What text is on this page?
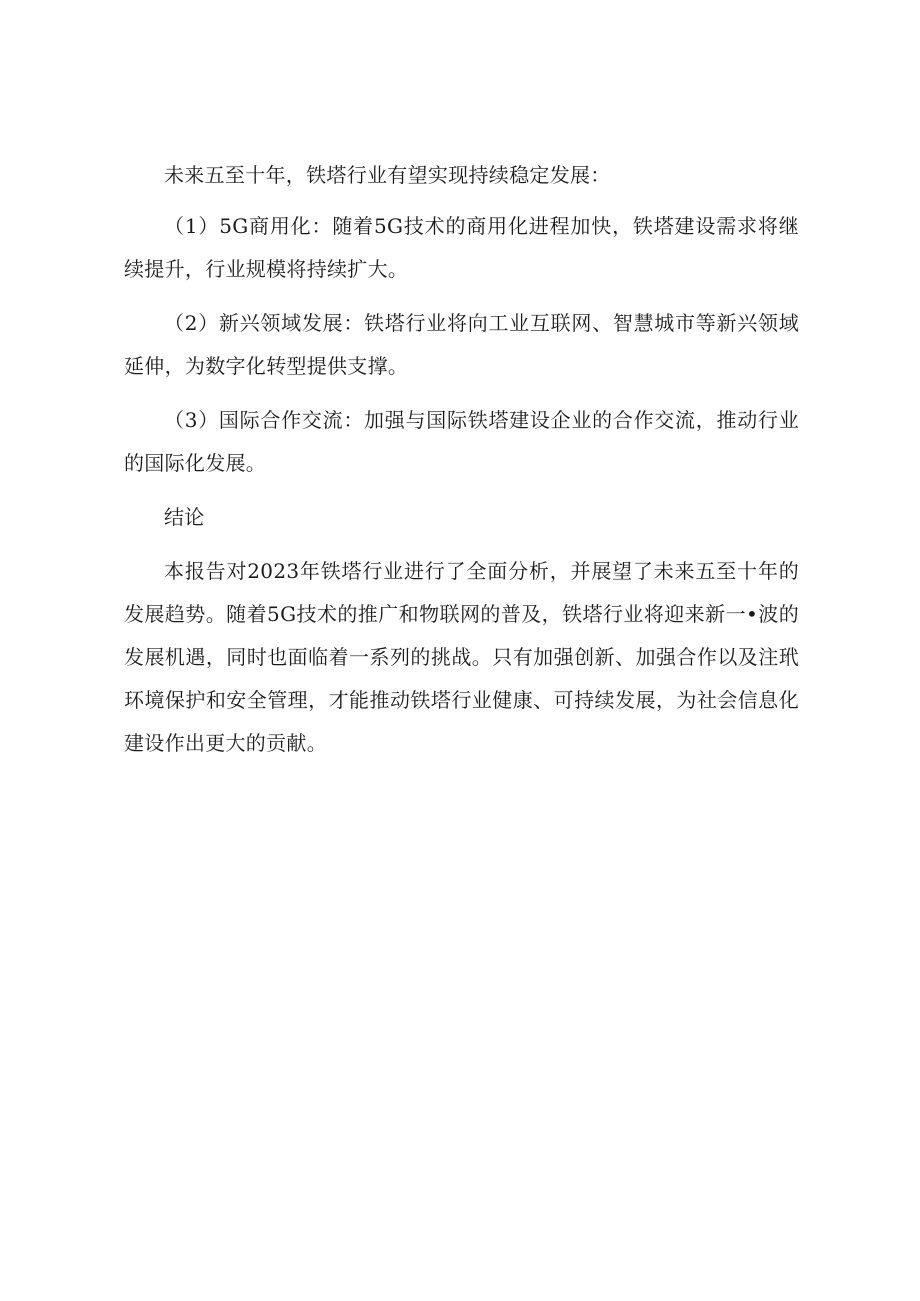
未来五至十年，铁塔行业有望实现持续稳定发展：

（1）5G商用化：随着5G技术的商用化进程加快，铁塔建设需求将继续提升，行业规模将持续扩大。

（2）新兴领域发展：铁塔行业将向工业互联网、智慧城市等新兴领域延伸，为数字化转型提供支撑。

（3）国际合作交流：加强与国际铁塔建设企业的合作交流，推动行业的国际化发展。

结论

本报告对2023年铁塔行业进行了全面分析，并展望了未来五至十年的发展趋势。随着5G技术的推广和物联网的普及，铁塔行业将迎来新一•波的发展机遇，同时也面临着一系列的挑战。只有加强创新、加强合作以及注玳环境保护和安全管理，才能推动铁塔行业健康、可持续发展，为社会信息化建设作出更大的贡献。
